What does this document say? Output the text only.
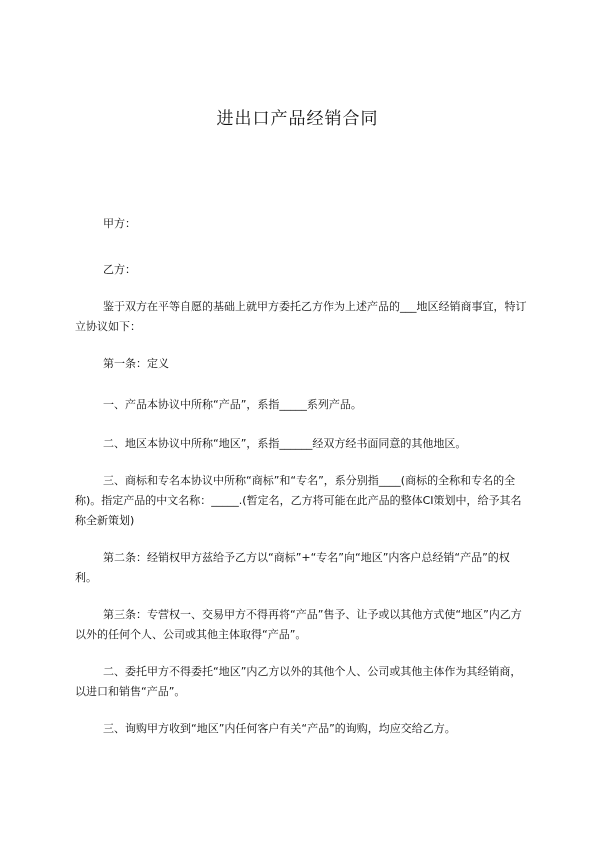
进出口产品经销合同

甲方：

乙方：

鉴于双方在平等自愿的基础上就甲方委托乙方作为上述产品的___地区经销商事宜，特订立协议如下：

第一条：定义

一、产品本协议中所称“产品”，系指_____系列产品。

二、地区本协议中所称“地区”，系指______经双方经书面同意的其他地区。

三、商标和专名本协议中所称“商标”和“专名”，系分别指____(商标的全称和专名的全称)。指定产品的中文名称：_____.(暂定名，乙方将可能在此产品的整体CI策划中，给予其名称全新策划)

第二条：经销权甲方兹给予乙方以“商标”+“专名”向“地区”内客户总经销“产品”的权利。

第三条：专营权一、交易甲方不得再将“产品”售予、让予或以其他方式使“地区”内乙方以外的任何个人、公司或其他主体取得“产品”。

二、委托甲方不得委托“地区”内乙方以外的其他个人、公司或其他主体作为其经销商，以进口和销售“产品”。

三、询购甲方收到“地区”内任何客户有关“产品”的询购，均应交给乙方。
